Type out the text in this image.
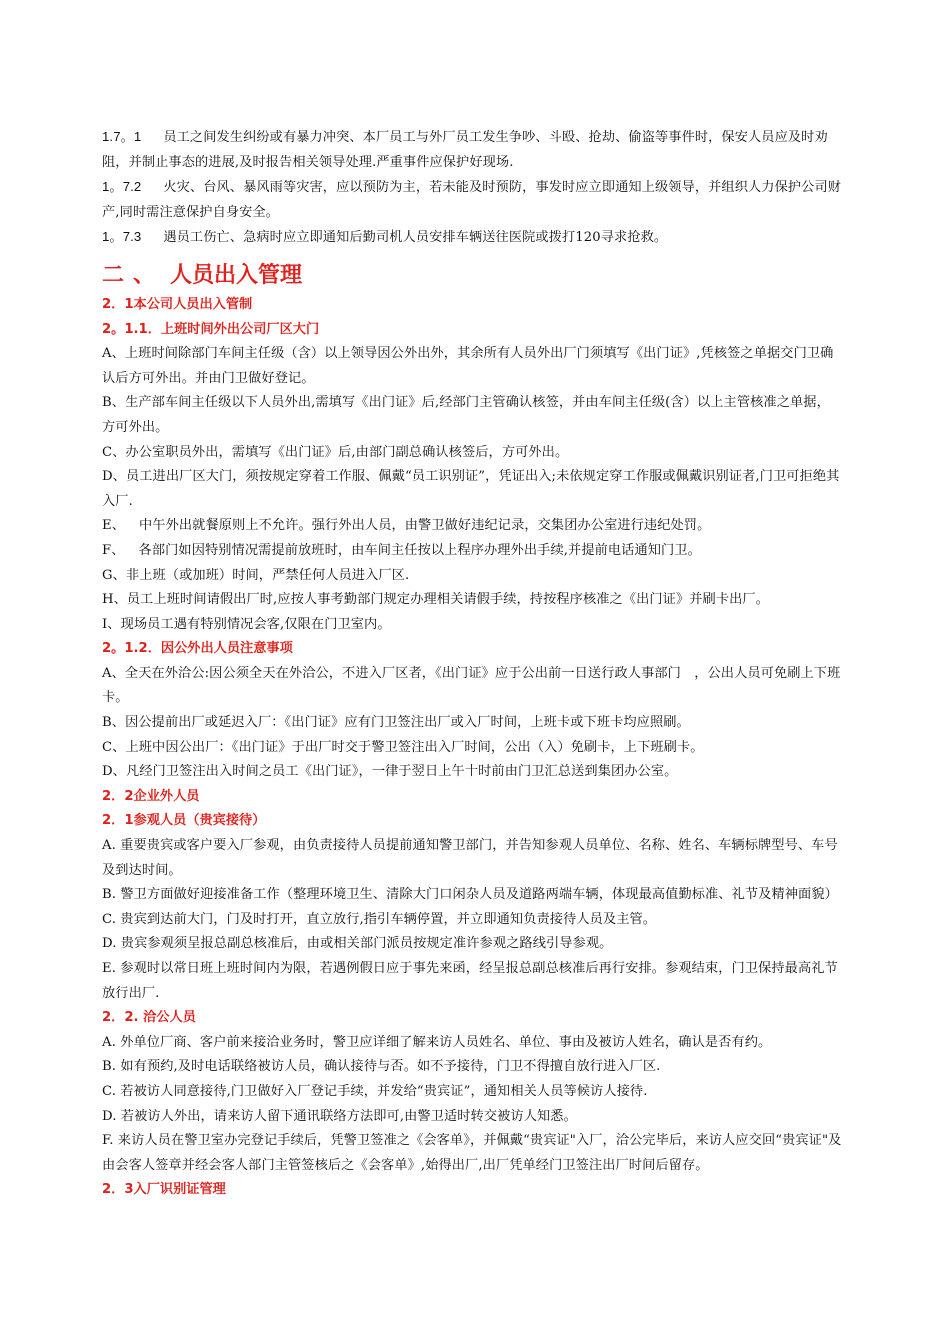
1.7。1 员工之间发生纠纷或有暴力冲突、本厂员工与外厂员工发生争吵、斗殴、抢劫、偷盗等事件时，保安人员应及时劝阻，并制止事态的进展,及时报告相关领导处理.严重事件应保护好现场.

1。7.2 火灾、台风、暴风雨等灾害，应以预防为主，若未能及时预防，事发时应立即通知上级领导，并组织人力保护公司财产,同时需注意保护自身安全。

1。7.3 遇员工伤亡、急病时应立即通知后勤司机人员安排车辆送往医院或拨打120寻求抢救。

二 、 人员出入管理

2．1本公司人员出入管制

2。1.1．上班时间外出公司厂区大门

A、上班时间除部门车间主任级（含）以上领导因公外出外，其余所有人员外出厂门须填写《出门证》,凭核签之单据交门卫确认后方可外出。并由门卫做好登记。

B、生产部车间主任级以下人员外出,需填写《出门证》后,经部门主管确认核签，并由车间主任级(含）以上主管核准之单据，方可外出。

C、办公室职员外出，需填写《出门证》后,由部门副总确认核签后，方可外出。

D、员工进出厂区大门，须按规定穿着工作服、佩戴“员工识别证”，凭证出入;未依规定穿工作服或佩戴识别证者,门卫可拒绝其入厂.

E、 中午外出就餐原则上不允许。强行外出人员，由警卫做好违纪记录，交集团办公室进行违纪处罚。

F、 各部门如因特别情况需提前放班时，由车间主任按以上程序办理外出手续,并提前电话通知门卫。

G、非上班（或加班）时间，严禁任何人员进入厂区.

H、员工上班时间请假出厂时,应按人事考勤部门规定办理相关请假手续，持按程序核准之《出门证》并刷卡出厂。

I、现场员工遇有特别情况会客,仅限在门卫室内。

2。1.2．因公外出人员注意事项

A、全天在外洽公:因公须全天在外洽公，不进入厂区者，《出门证》应于公出前一日送行政人事部门　，公出人员可免刷上下班卡。

B、因公提前出厂或延迟入厂：《出门证》应有门卫签注出厂或入厂时间，上班卡或下班卡均应照刷。

C、上班中因公出厂：《出门证》于出厂时交于警卫签注出入厂时间，公出（入）免刷卡，上下班刷卡。

D、凡经门卫签注出入时间之员工《出门证》，一律于翌日上午十时前由门卫汇总送到集团办公室。

2．2企业外人员

2．1参观人员（贵宾接待）

A. 重要贵宾或客户要入厂参观，由负责接待人员提前通知警卫部门，并告知参观人员单位、名称、姓名、车辆标牌型号、车号及到达时间。

B. 警卫方面做好迎接准备工作（整理环境卫生、清除大门口闲杂人员及道路两端车辆，体现最高值勤标准、礼节及精神面貌）

C. 贵宾到达前大门，门及时打开，直立放行,指引车辆停置，并立即通知负责接待人员及主管。

D. 贵宾参观须呈报总副总核准后，由或相关部门派员按规定准许参观之路线引导参观。

E. 参观时以常日班上班时间内为限，若遇例假日应于事先来函，经呈报总副总核准后再行安排。参观结束，门卫保持最高礼节放行出厂.

2．2. 洽公人员

A. 外单位厂商、客户前来接洽业务时，警卫应详细了解来访人员姓名、单位、事由及被访人姓名，确认是否有约。

B. 如有预约,及时电话联络被访人员，确认接待与否。如不予接待，门卫不得擅自放行进入厂区.

C. 若被访人同意接待,门卫做好入厂登记手续，并发给“贵宾证”，通知相关人员等候访人接待.

D. 若被访人外出，请来访人留下通讯联络方法即可,由警卫适时转交被访人知悉。

F. 来访人员在警卫室办完登记手续后，凭警卫签准之《会客单》，并佩戴“贵宾证"入厂，洽公完毕后，来访人应交回“贵宾证"及由会客人签章并经会客人部门主管签核后之《会客单》,始得出厂,出厂凭单经门卫签注出厂时间后留存。

2．3入厂识别证管理
